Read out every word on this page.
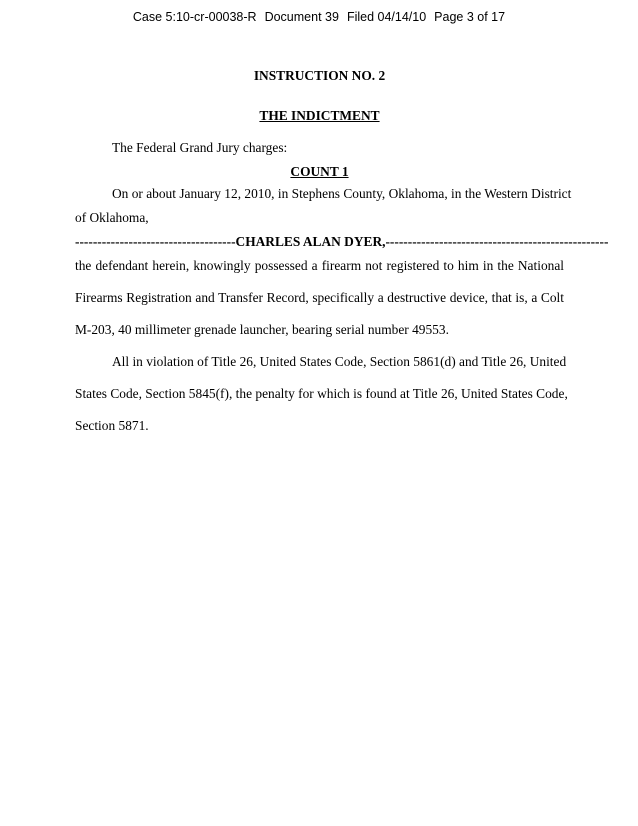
Case 5:10-cr-00038-R Document 39 Filed 04/14/10 Page 3 of 17
INSTRUCTION NO. 2
THE INDICTMENT
The Federal Grand Jury charges:
COUNT 1
On or about January 12, 2010, in Stephens County, Oklahoma, in the Western District
of Oklahoma,
------------------------------------ CHARLES ALAN DYER, --------------------------------------------------
the defendant herein, knowingly possessed a firearm not registered to him in the National
Firearms Registration and Transfer Record, specifically a destructive device, that is, a Colt
M-203, 40 millimeter grenade launcher, bearing serial number 49553.
All in violation of Title 26, United States Code, Section 5861(d) and Title 26, United
States Code, Section 5845(f), the penalty for which is found at Title 26, United States Code,
Section 5871.
